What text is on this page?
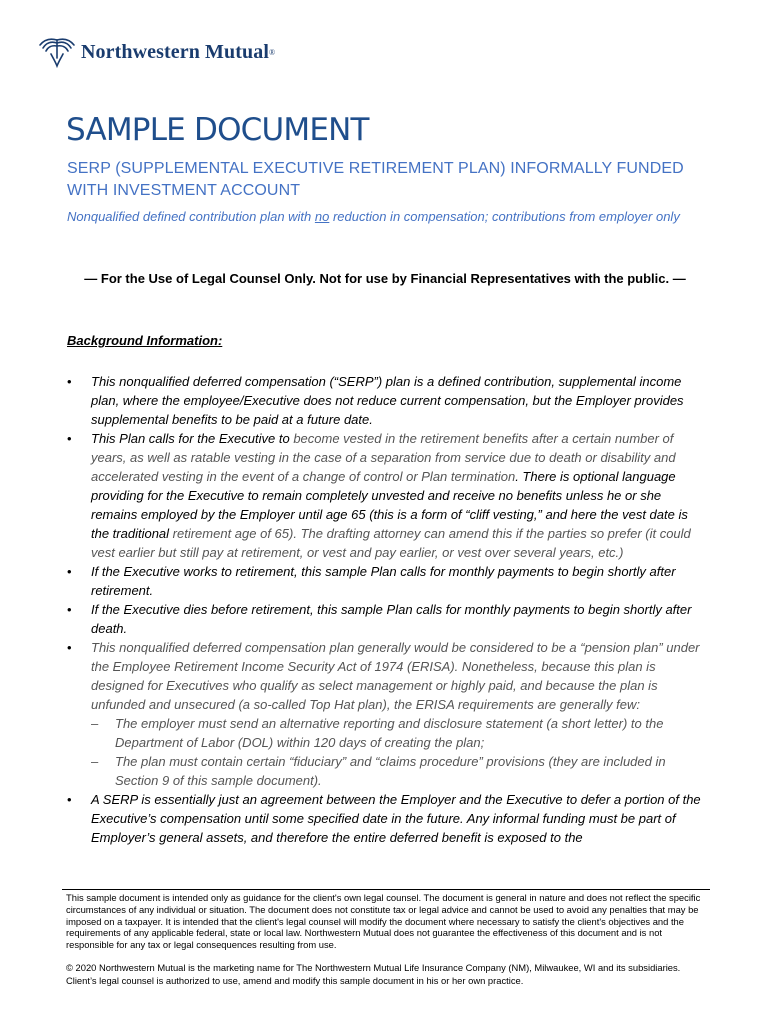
Northwestern Mutual ®
SAMPLE DOCUMENT

SERP (SUPPLEMENTAL EXECUTIVE RETIREMENT PLAN) INFORMALLY FUNDED WITH INVESTMENT ACCOUNT

Nonqualified defined contribution plan with no reduction in compensation; contributions from employer only

— For the Use of Legal Counsel Only. Not for use by Financial Representatives with the public. —

Background Information:

• This nonqualified deferred compensation (“SERP”) plan is a defined contribution, supplemental income plan, where the employee/Executive does not reduce current compensation, but the Employer provides supplemental benefits to be paid at a future date.
• This Plan calls for the Executive to become vested in the retirement benefits after a certain number of years, as well as ratable vesting in the case of a separation from service due to death or disability and accelerated vesting in the event of a change of control or Plan termination. There is optional language providing for the Executive to remain completely unvested and receive no benefits unless he or she remains employed by the Employer until age 65 (this is a form of “cliff vesting,” and here the vest date is the traditional retirement age of 65). The drafting attorney can amend this if the parties so prefer (it could vest earlier but still pay at retirement, or vest and pay earlier, or vest over several years, etc.)
• If the Executive works to retirement, this sample Plan calls for monthly payments to begin shortly after retirement.
• If the Executive dies before retirement, this sample Plan calls for monthly payments to begin shortly after death.
• This nonqualified deferred compensation plan generally would be considered to be a “pension plan” under the Employee Retirement Income Security Act of 1974 (ERISA). Nonetheless, because this plan is designed for Executives who qualify as select management or highly paid, and because the plan is unfunded and unsecured (a so-called Top Hat plan), the ERISA requirements are generally few:
– The employer must send an alternative reporting and disclosure statement (a short letter) to the Department of Labor (DOL) within 120 days of creating the plan;
– The plan must contain certain “fiduciary” and “claims procedure” provisions (they are included in Section 9 of this sample document).
• A SERP is essentially just an agreement between the Employer and the Executive to defer a portion of the Executive’s compensation until some specified date in the future. Any informal funding must be part of Employer’s general assets, and therefore the entire deferred benefit is exposed to the

This sample document is intended only as guidance for the client's own legal counsel. The document is general in nature and does not reflect the specific circumstances of any individual or situation. The document does not constitute tax or legal advice and cannot be used to avoid any penalties that may be imposed on a taxpayer. It is intended that the client's legal counsel will modify the document where necessary to satisfy the client's objectives and the requirements of any applicable federal, state or local law. Northwestern Mutual does not guarantee the effectiveness of this document and is not responsible for any tax or legal consequences resulting from use.

© 2020 Northwestern Mutual is the marketing name for The Northwestern Mutual Life Insurance Company (NM), Milwaukee, WI and its subsidiaries. Client’s legal counsel is authorized to use, amend and modify this sample document in his or her own practice.
